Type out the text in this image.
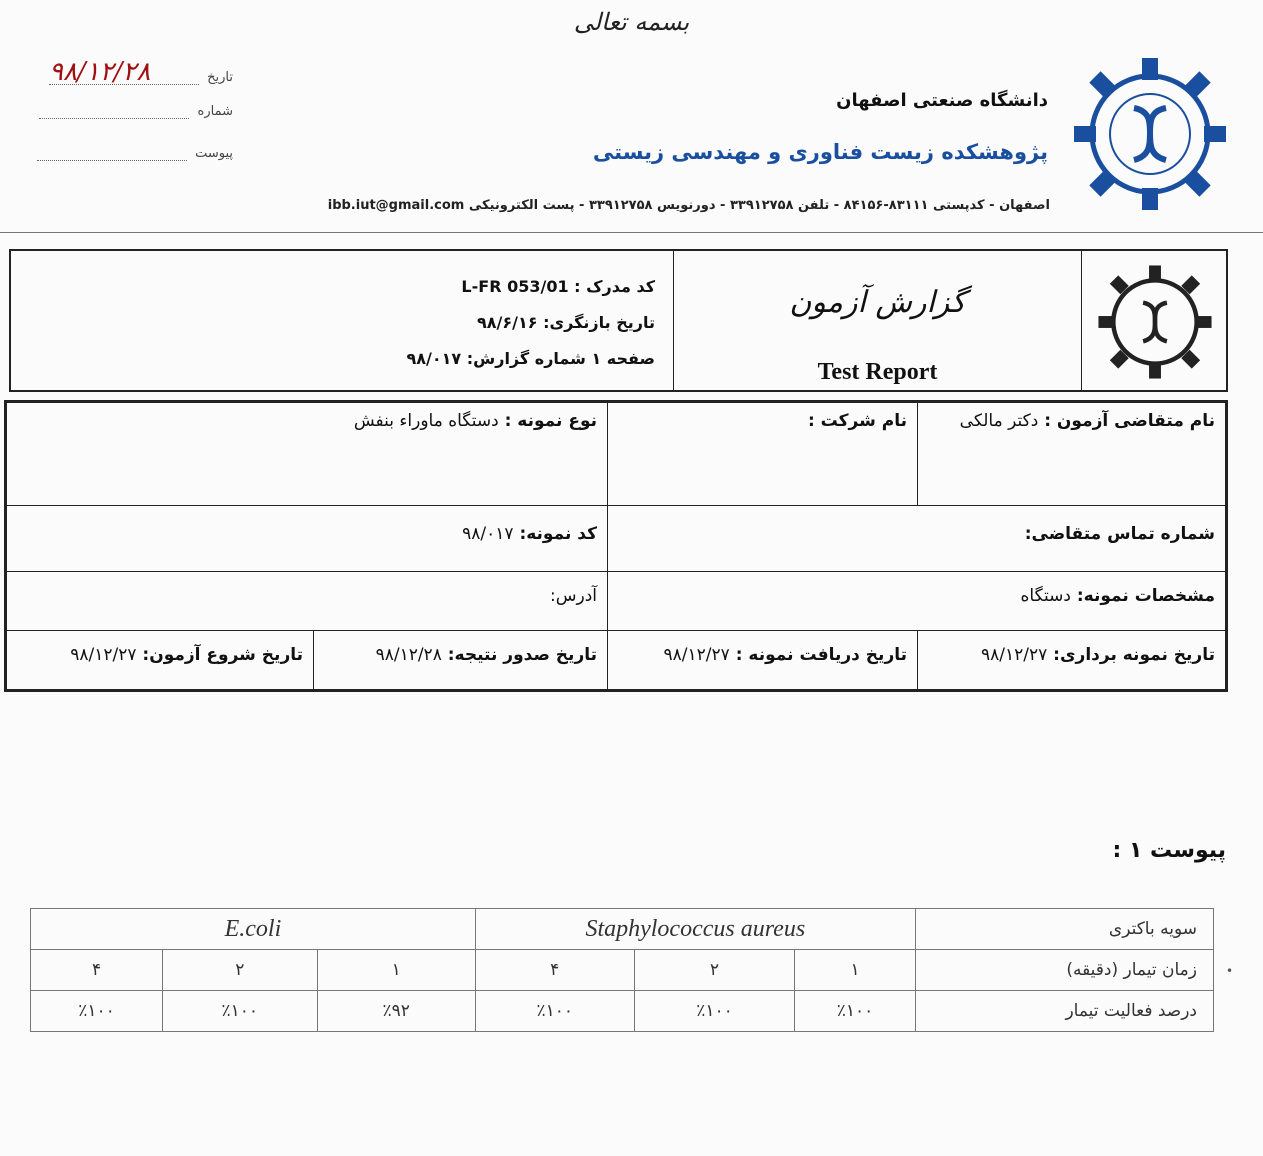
بسمه تعالی
تاریخ ۹۸/۱۲/۲۸
شماره
پیوست
دانشگاه صنعتی اصفهان
پژوهشکده زیست فناوری و مهندسی زیستی
اصفهان - کدپستی ۸۳۱۱۱-۸۴۱۵۶ - تلفن ۳۳۹۱۲۷۵۸ - دورنویس ۳۳۹۱۲۷۵۸ - پست الکترونیکی ibb.iut@gmail.com
کد مدرک : L-FR 053/01
تاریخ بازنگری: ۹۸/۶/۱۶
صفحه ۱ شماره گزارش: ۹۸/۰۱۷
گزارش آزمون
Test Report
نام متقاضی آزمون : دکتر مالکی
نام شرکت :
نوع نمونه : دستگاه ماوراء بنفش
شماره تماس متقاضی:
کد نمونه: ۹۸/۰۱۷
مشخصات نمونه: دستگاه
آدرس:
تاریخ نمونه برداری: ۹۸/۱۲/۲۷
تاریخ دریافت نمونه : ۹۸/۱۲/۲۷
تاریخ صدور نتیجه: ۹۸/۱۲/۲۸
تاریخ شروع آزمون: ۹۸/۱۲/۲۷
پیوست ۱ :
E.coli			Staphylococcus aureus			سویه باکتری
۴	۲	۱	۴	۲	۱	زمان تیمار (دقیقه)
٪۱۰۰	٪۱۰۰	٪۹۲	٪۱۰۰	٪۱۰۰	٪۱۰۰	درصد فعالیت تیمار
•
